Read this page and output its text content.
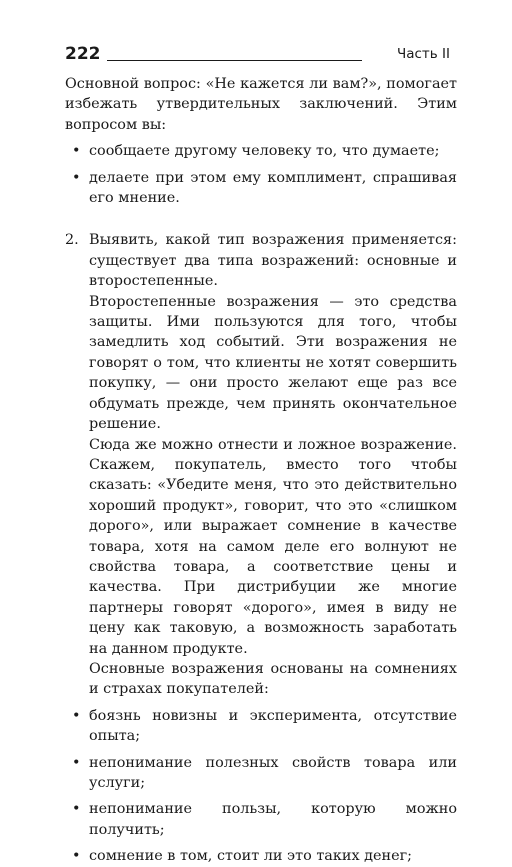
222	Часть II

Основной вопрос: «Не кажется ли вам?», помогает избежать утвердительных заключений. Этим вопросом вы:

• сообщаете другому человеку то, что думаете;
• делаете при этом ему комплимент, спрашивая его мнение.
2. Выявить, какой тип возражения применяется: существует два типа возражений: основные и второстепенные.

Второстепенные возражения — это средства защиты. Ими пользуются для того, чтобы замедлить ход событий. Эти возражения не говорят о том, что клиенты не хотят совершить покупку, — они просто желают еще раз все обдумать прежде, чем принять окончательное решение.

Сюда же можно отнести и ложное возражение. Скажем, покупатель, вместо того чтобы сказать: «Убедите меня, что это действительно хороший продукт», говорит, что это «слишком дорого», или выражает сомнение в качестве товара, хотя на самом деле его волнуют не свойства товара, а соответствие цены и качества. При дистрибуции же многие партнеры говорят «дорого», имея в виду не цену как таковую, а возможность заработать на данном продукте.

Основные возражения основаны на сомнениях и страхах покупателей:

• боязнь новизны и эксперимента, отсутствие опыта;
• непонимание полезных свойств товара или услуги;
• непонимание пользы, которую можно получить;
• сомнение в том, стоит ли это таких денег;
